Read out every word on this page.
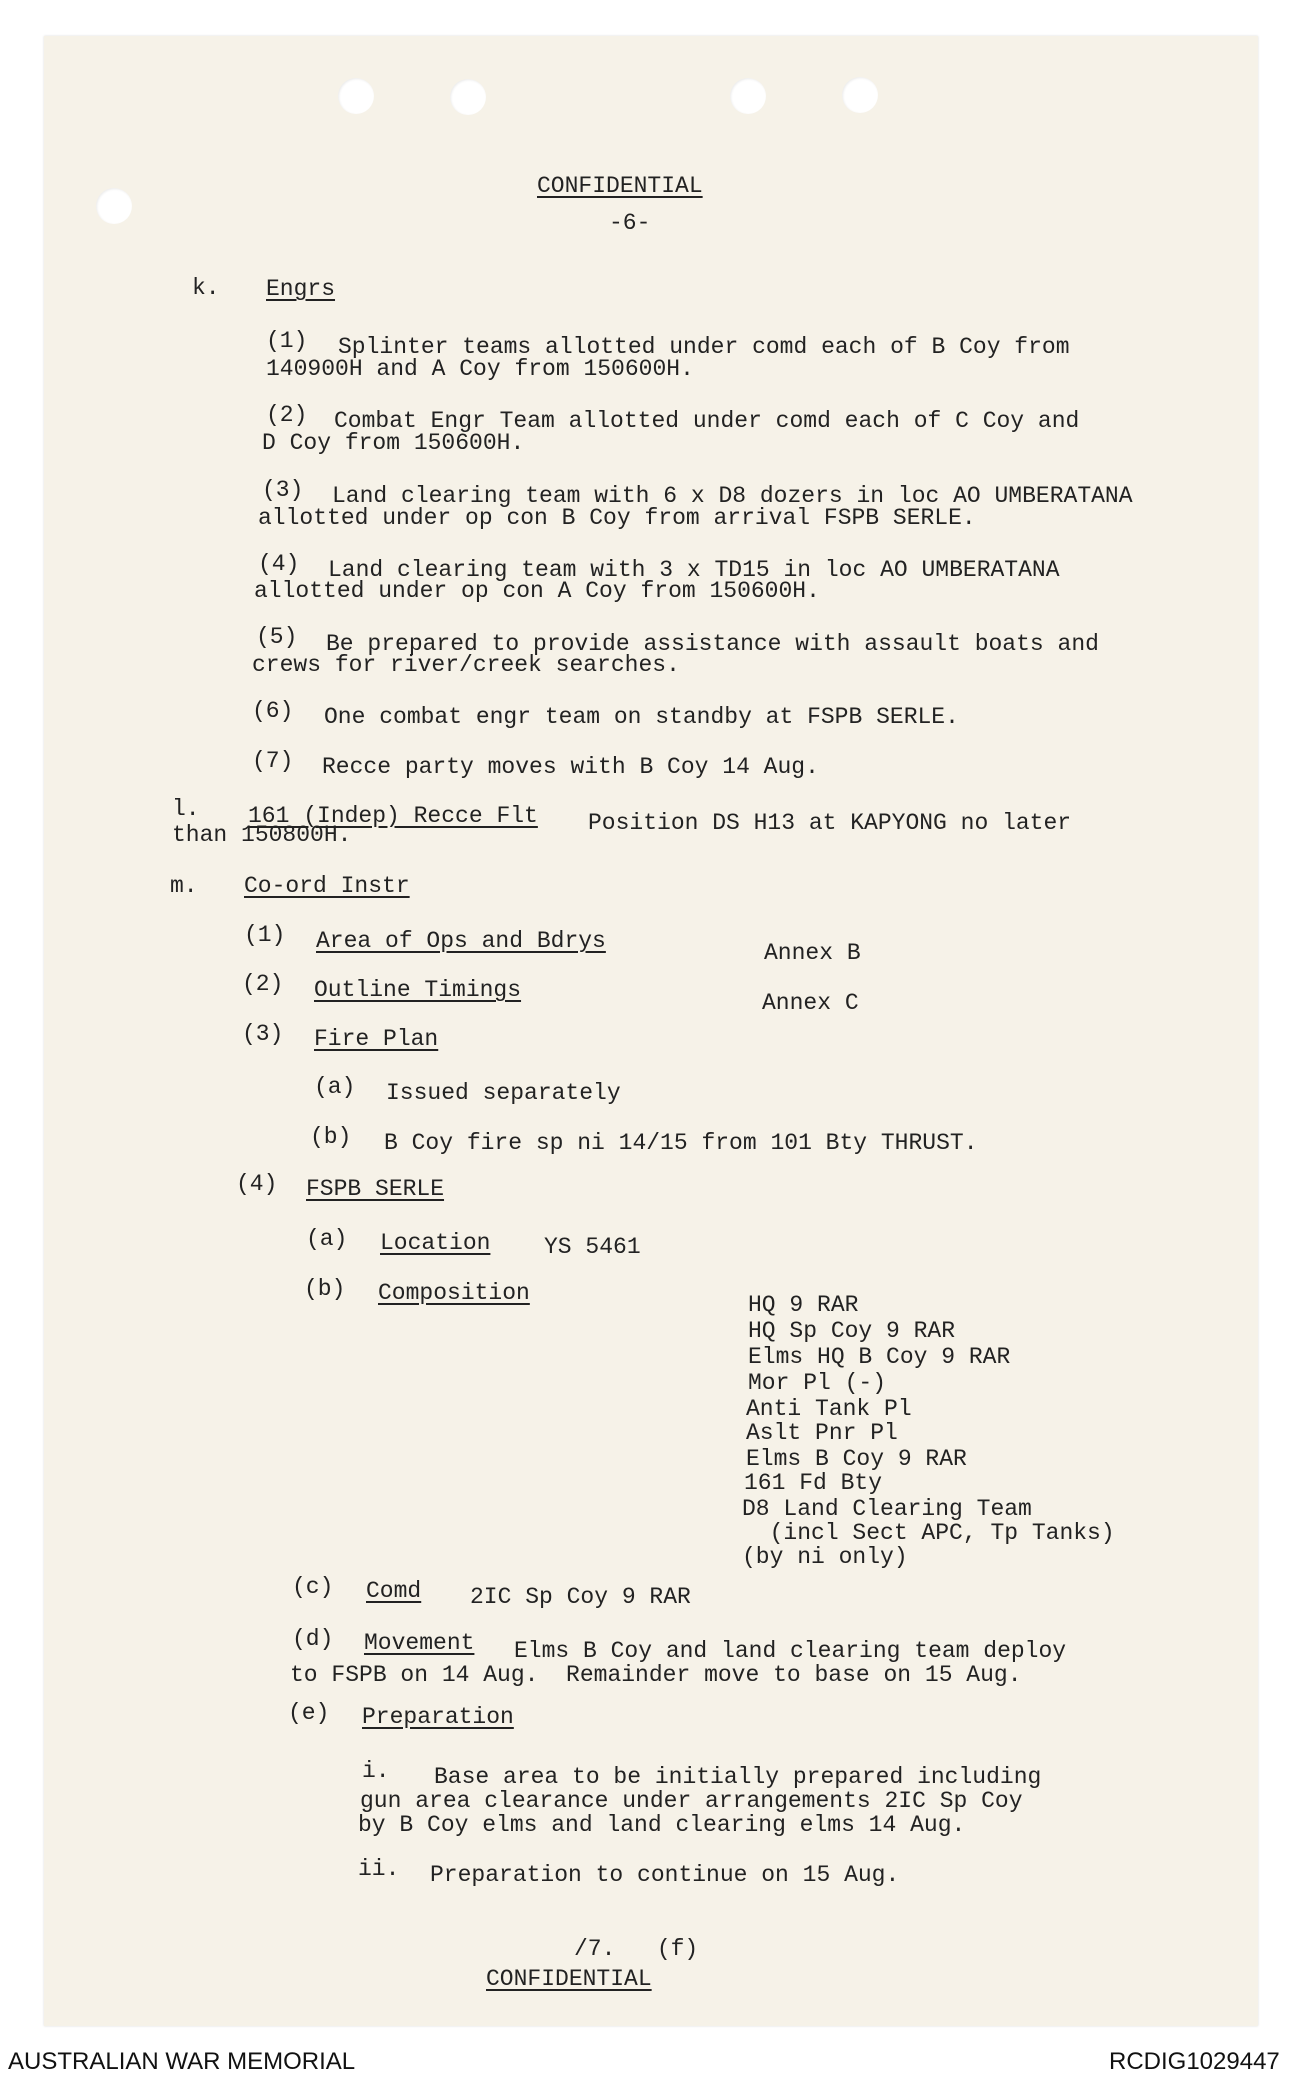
CONFIDENTIAL
-6-
k. Engrs
(1) Splinter teams allotted under comd each of B Coy from
140900H and A Coy from 150600H.
(2) Combat Engr Team allotted under comd each of C Coy and
D Coy from 150600H.
(3) Land clearing team with 6 x D8 dozers in loc AO UMBERATANA
allotted under op con B Coy from arrival FSPB SERLE.
(4) Land clearing team with 3 x TD15 in loc AO UMBERATANA
allotted under op con A Coy from 150600H.
(5) Be prepared to provide assistance with assault boats and
crews for river/creek searches.
(6) One combat engr team on standby at FSPB SERLE.
(7) Recce party moves with B Coy 14 Aug.
l. 161 (Indep) Recce Flt Position DS H13 at KAPYONG no later
than 150800H.
m. Co-ord Instr
(1) Area of Ops and Bdrys	Annex B
(2) Outline Timings	Annex C
(3) Fire Plan
(a) Issued separately
(b) B Coy fire sp ni 14/15 from 101 Bty THRUST.
(4) FSPB SERLE
(a) Location YS 5461
(b) Composition	HQ 9 RAR
HQ Sp Coy 9 RAR
Elms HQ B Coy 9 RAR
Mor Pl (-)
Anti Tank Pl
Aslt Pnr Pl
Elms B Coy 9 RAR
161 Fd Bty
D8 Land Clearing Team
(incl Sect APC, Tp Tanks)
(by ni only)
(c) Comd 2IC Sp Coy 9 RAR
(d) Movement Elms B Coy and land clearing team deploy
to FSPB on 14 Aug.  Remainder move to base on 15 Aug.
(e) Preparation
i. Base area to be initially prepared including
gun area clearance under arrangements 2IC Sp Coy
by B Coy elms and land clearing elms 14 Aug.
ii. Preparation to continue on 15 Aug.
/7.   (f)
CONFIDENTIAL
AUSTRALIAN WAR MEMORIAL	RCDIG1029447
